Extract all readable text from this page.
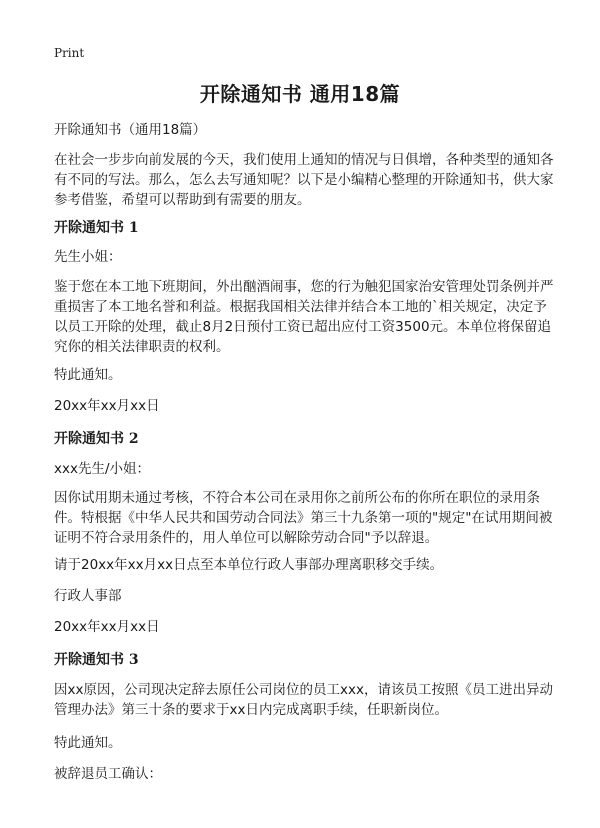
Print
开除通知书 通用18篇

开除通知书（通用18篇）

在社会一步步向前发展的今天，我们使用上通知的情况与日俱增，各种类型的通知各有不同的写法。那么，怎么去写通知呢？以下是小编精心整理的开除通知书，供大家参考借鉴，希望可以帮助到有需要的朋友。

开除通知书 1

先生小姐：

鉴于您在本工地下班期间，外出酗酒闹事，您的行为触犯国家治安管理处罚条例并严重损害了本工地名誉和利益。根据我国相关法律并结合本工地的`相关规定，决定予以员工开除的处理，截止8月2日预付工资已超出应付工资3500元。本单位将保留追究你的相关法律职责的权利。

特此通知。

20xx年xx月xx日

开除通知书 2

xxx先生/小姐：

因你试用期未通过考核，不符合本公司在录用你之前所公布的你所在职位的录用条件。特根据《中华人民共和国劳动合同法》第三十九条第一项的"规定"在试用期间被证明不符合录用条件的，用人单位可以解除劳动合同"予以辞退。

请于20xx年xx月xx日点至本单位行政人事部办理离职移交手续。

行政人事部

20xx年xx月xx日

开除通知书 3

因xx原因，公司现决定辞去原任公司岗位的员工xxx，请该员工按照《员工进出异动管理办法》第三十条的要求于xx日内完成离职手续，任职新岗位。

特此通知。

被辞退员工确认：
